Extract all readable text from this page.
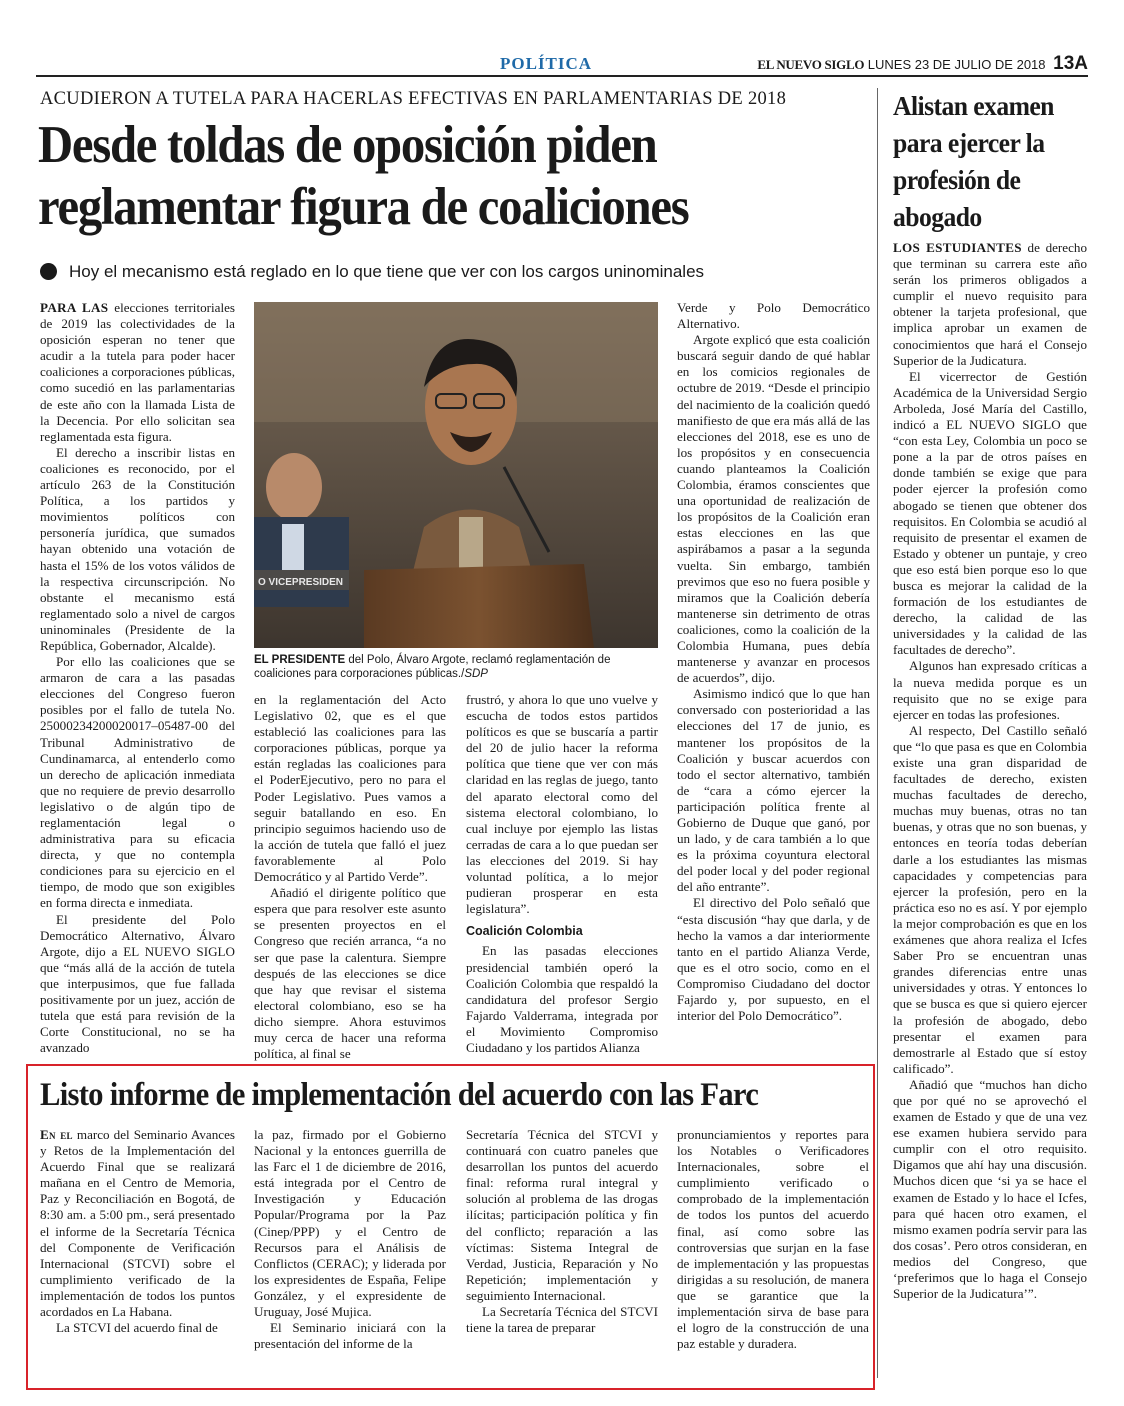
POLÍTICA	EL NUEVO SIGLO LUNES 23 DE JULIO DE 2018 13A
ACUDIERON A TUTELA PARA HACERLAS EFECTIVAS EN PARLAMENTARIAS DE 2018
Desde toldas de oposición piden reglamentar figura de coaliciones
Hoy el mecanismo está reglado en lo que tiene que ver con los cargos uninominales

PARA LAS elecciones territoriales de 2019 las colectividades de la oposición esperan no tener que acudir a la tutela para poder hacer coaliciones a corporaciones públicas, como sucedió en las parlamentarias de este año con la llamada Lista de la Decencia. Por ello solicitan sea reglamentada esta figura.

El derecho a inscribir listas en coaliciones es reconocido, por el artículo 263 de la Constitución Política, a los partidos y movimientos políticos con personería jurídica, que sumados hayan obtenido una votación de hasta el 15% de los votos válidos de la respectiva circunscripción. No obstante el mecanismo está reglamentado solo a nivel de cargos uninominales (Presidente de la República, Gobernador, Alcalde).

Por ello las coaliciones que se armaron de cara a las pasadas elecciones del Congreso fueron posibles por el fallo de tutela No. 25000234200020017–05487-00 del Tribunal Administrativo de Cundinamarca, al entenderlo como un derecho de aplicación inmediata que no requiere de previo desarrollo legislativo o de algún tipo de reglamentación legal o administrativa para su eficacia directa, y que no contempla condiciones para su ejercicio en el tiempo, de modo que son exigibles en forma directa e inmediata.

El presidente del Polo Democrático Alternativo, Álvaro Argote, dijo a EL NUEVO SIGLO que “más allá de la acción de tutela que interpusimos, que fue fallada positivamente por un juez, acción de tutela que está para revisión de la Corte Constitucional, no se ha avanzado

O VICEPRESIDEN
EL PRESIDENTE del Polo, Álvaro Argote, reclamó reglamentación de coaliciones para corporaciones públicas./SDP

en la reglamentación del Acto Legislativo 02, que es el que estableció las coaliciones para las corporaciones públicas, porque ya están regladas las coaliciones para el PoderEjecutivo, pero no para el Poder Legislativo. Pues vamos a seguir batallando en eso. En principio seguimos haciendo uso de la acción de tutela que falló el juez favorablemente al Polo Democrático y al Partido Verde”.

Añadió el dirigente político que espera que para resolver este asunto se presenten proyectos en el Congreso que recién arranca, “a no ser que pase la calentura. Siempre después de las elecciones se dice que hay que revisar el sistema electoral colombiano, eso se ha dicho siempre. Ahora estuvimos muy cerca de hacer una reforma política, al final se

frustró, y ahora lo que uno vuelve y escucha de todos estos partidos políticos es que se buscaría a partir del 20 de julio hacer la reforma política que tiene que ver con más claridad en las reglas de juego, tanto del aparato electoral como del sistema electoral colombiano, lo cual incluye por ejemplo las listas cerradas de cara a lo que puedan ser las elecciones del 2019. Si hay voluntad política, a lo mejor pudieran prosperar en esta legislatura”.

Coalición Colombia

En las pasadas elecciones presidencial también operó la Coalición Colombia que respaldó la candidatura del profesor Sergio Fajardo Valderrama, integrada por el Movimiento Compromiso Ciudadano y los partidos Alianza

Verde y Polo Democrático Alternativo.

Argote explicó que esta coalición buscará seguir dando de qué hablar en los comicios regionales de octubre de 2019. “Desde el principio del nacimiento de la coalición quedó manifiesto de que era más allá de las elecciones del 2018, ese es uno de los propósitos y en consecuencia cuando planteamos la Coalición Colombia, éramos conscientes que una oportunidad de realización de los propósitos de la Coalición eran estas elecciones en las que aspirábamos a pasar a la segunda vuelta. Sin embargo, también previmos que eso no fuera posible y miramos que la Coalición debería mantenerse sin detrimento de otras coaliciones, como la coalición de la Colombia Humana, pues debía mantenerse y avanzar en procesos de acuerdos”, dijo.

Asimismo indicó que lo que han conversado con posterioridad a las elecciones del 17 de junio, es mantener los propósitos de la Coalición y buscar acuerdos con todo el sector alternativo, también de “cara a cómo ejercer la participación política frente al Gobierno de Duque que ganó, por un lado, y de cara también a lo que es la próxima coyuntura electoral del poder local y del poder regional del año entrante”.

El directivo del Polo señaló que “esta discusión “hay que darla, y de hecho la vamos a dar interiormente tanto en el partido Alianza Verde, que es el otro socio, como en el Compromiso Ciudadano del doctor Fajardo y, por supuesto, en el interior del Polo Democrático”.

Alistan examen para ejercer la profesión de abogado

LOS ESTUDIANTES de derecho que terminan su carrera este año serán los primeros obligados a cumplir el nuevo requisito para obtener la tarjeta profesional, que implica aprobar un examen de conocimientos que hará el Consejo Superior de la Judicatura.

El vicerrector de Gestión Académica de la Universidad Sergio Arboleda, José María del Castillo, indicó a EL NUEVO SIGLO que “con esta Ley, Colombia un poco se pone a la par de otros países en donde también se exige que para poder ejercer la profesión como abogado se tienen que obtener dos requisitos. En Colombia se acudió al requisito de presentar el examen de Estado y obtener un puntaje, y creo que eso está bien porque eso lo que busca es mejorar la calidad de la formación de los estudiantes de derecho, la calidad de las universidades y la calidad de las facultades de derecho”.

Algunos han expresado críticas a la nueva medida porque es un requisito que no se exige para ejercer en todas las profesiones.

Al respecto, Del Castillo señaló que “lo que pasa es que en Colombia existe una gran disparidad de facultades de derecho, existen muchas facultades de derecho, muchas muy buenas, otras no tan buenas, y otras que no son buenas, y entonces en teoría todas deberían darle a los estudiantes las mismas capacidades y competencias para ejercer la profesión, pero en la práctica eso no es así. Y por ejemplo la mejor comprobación es que en los exámenes que ahora realiza el Icfes Saber Pro se encuentran unas grandes diferencias entre unas universidades y otras. Y entonces lo que se busca es que si quiero ejercer la profesión de abogado, debo presentar el examen para demostrarle al Estado que sí estoy calificado”.

Añadió que “muchos han dicho que por qué no se aprovechó el examen de Estado y que de una vez ese examen hubiera servido para cumplir con el otro requisito. Digamos que ahí hay una discusión. Muchos dicen que ‘si ya se hace el examen de Estado y lo hace el Icfes, para qué hacen otro examen, el mismo examen podría servir para las dos cosas’. Pero otros consideran, en medios del Congreso, que ‘preferimos que lo haga el Consejo Superior de la Judicatura’”.

Listo informe de implementación del acuerdo con las Farc

En el marco del Seminario Avances y Retos de la Implementación del Acuerdo Final que se realizará mañana en el Centro de Memoria, Paz y Reconciliación en Bogotá, de 8:30 am. a 5:00 pm., será presentado el informe de la Secretaría Técnica del Componente de Verificación Internacional (STCVI) sobre el cumplimiento verificado de la implementación de todos los puntos acordados en La Habana.

La STCVI del acuerdo final de

la paz, firmado por el Gobierno Nacional y la entonces guerrilla de las Farc el 1 de diciembre de 2016, está integrada por el Centro de Investigación y Educación Popular/Programa por la Paz (Cinep/PPP) y el Centro de Recursos para el Análisis de Conflictos (CERAC); y liderada por los expresidentes de España, Felipe González, y el expresidente de Uruguay, José Mujica.

El Seminario iniciará con la presentación del informe de la

Secretaría Técnica del STCVI y continuará con cuatro paneles que desarrollan los puntos del acuerdo final: reforma rural integral y solución al problema de las drogas ilícitas; participación política y fin del conflicto; reparación a las víctimas: Sistema Integral de Verdad, Justicia, Reparación y No Repetición; implementación y seguimiento Internacional.

La Secretaría Técnica del STCVI tiene la tarea de preparar

pronunciamientos y reportes para los Notables o Verificadores Internacionales, sobre el cumplimiento verificado o comprobado de la implementación de todos los puntos del acuerdo final, así como sobre las controversias que surjan en la fase de implementación y las propuestas dirigidas a su resolución, de manera que se garantice que la implementación sirva de base para el logro de la construcción de una paz estable y duradera.
